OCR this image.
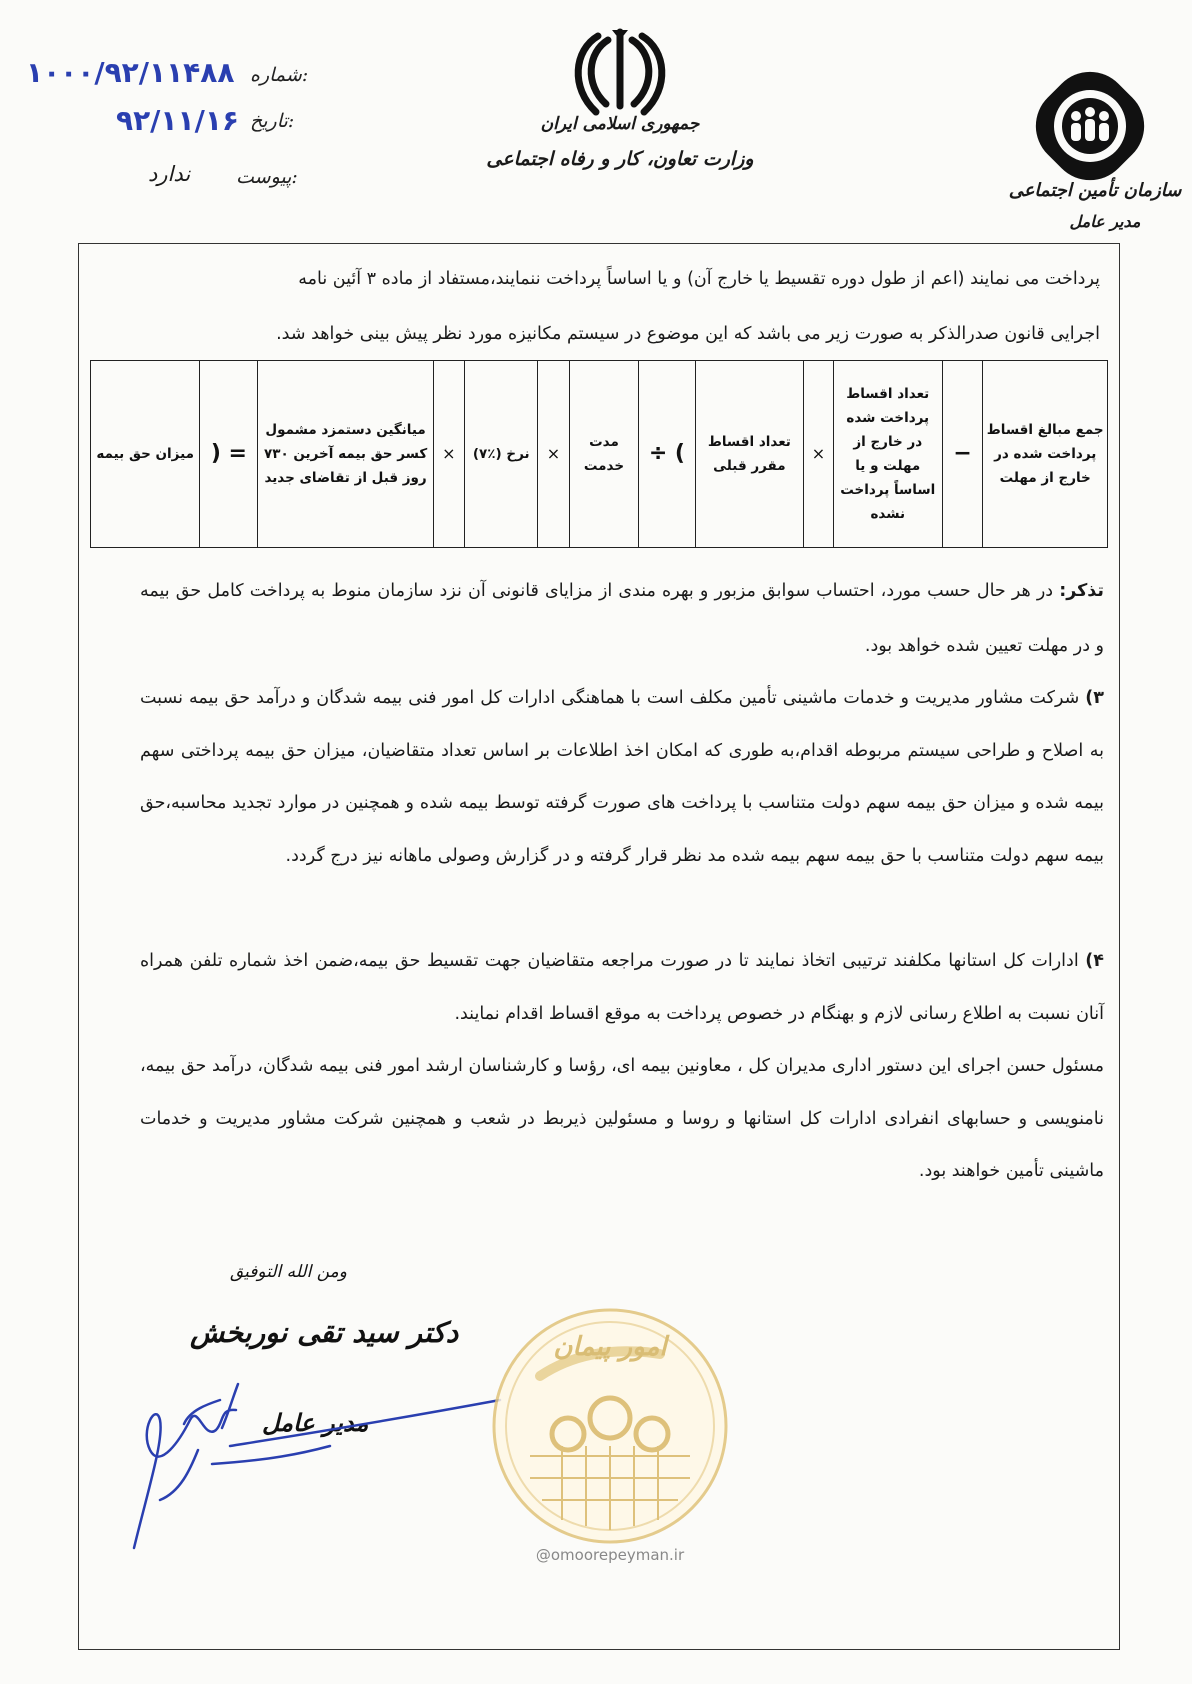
شماره:
۱۰۰۰/۹۲/۱۱۴۸۸
تاریخ:
۹۲/۱۱/۱۶
پیوست:
ندارد
جمهوری اسلامی ایران
وزارت تعاون، کار و رفاه اجتماعی
سازمان تأمین اجتماعی
مدیر عامل

پرداخت می نمایند (اعم از طول دوره تقسیط یا خارج آن) و یا اساساً پرداخت ننمایند،مستفاد از ماده ۳ آئین نامه

اجرایی قانون صدرالذکر به صورت زیر می باشد که این موضوع در سیستم مکانیزه مورد نظر پیش بینی خواهد شد.

جمع مبالغ اقساط پرداخت شده در خارج از مهلت	−	تعداد اقساط پرداخت شده در خارج از مهلت و یا اساساً پرداخت نشده	×	تعداد اقساط مقرر قبلی	÷ (	مدت خدمت	×	نرخ (٪۷)	×	میانگین دستمزد مشمول کسر حق بیمه آخرین ۷۳۰ روز قبل از تقاضای جدید	) =	میزان حق بیمه

تذکر: در هر حال حسب مورد، احتساب سوابق مزبور و بهره مندی از مزایای قانونی آن نزد سازمان منوط به پرداخت کامل حق بیمه و در مهلت تعیین شده خواهد بود.

۳) شرکت مشاور مدیریت و خدمات ماشینی تأمین مکلف است با هماهنگی ادارات کل امور فنی بیمه شدگان و درآمد حق بیمه نسبت به اصلاح و طراحی سیستم مربوطه اقدام،به طوری که امکان اخذ اطلاعات بر اساس تعداد متقاضیان، میزان حق بیمه پرداختی سهم بیمه شده و میزان حق بیمه سهم دولت متناسب با پرداخت های صورت گرفته توسط بیمه شده و همچنین در موارد تجدید محاسبه،حق بیمه سهم دولت متناسب با حق بیمه سهم بیمه شده مد نظر قرار گرفته و در گزارش وصولی ماهانه نیز درج گردد.

۴) ادارات کل استانها مکلفند ترتیبی اتخاذ نمایند تا در صورت مراجعه متقاضیان جهت تقسیط حق بیمه،ضمن اخذ شماره تلفن همراه آنان نسبت به اطلاع رسانی لازم و بهنگام در خصوص پرداخت به موقع اقساط اقدام نمایند.

مسئول حسن اجرای این دستور اداری مدیران کل ، معاونین بیمه ای، رؤسا و کارشناسان ارشد امور فنی بیمه شدگان، درآمد حق بیمه، نامنویسی و حسابهای انفرادی ادارات کل استانها و روسا و مسئولین ذیربط در شعب و همچنین شرکت مشاور مدیریت و خدمات ماشینی تأمین خواهند بود.

ومن الله التوفیق
دکتر سید تقی نوربخش
مدیر عامل
امور پیمان
@omoorepeyman.ir
